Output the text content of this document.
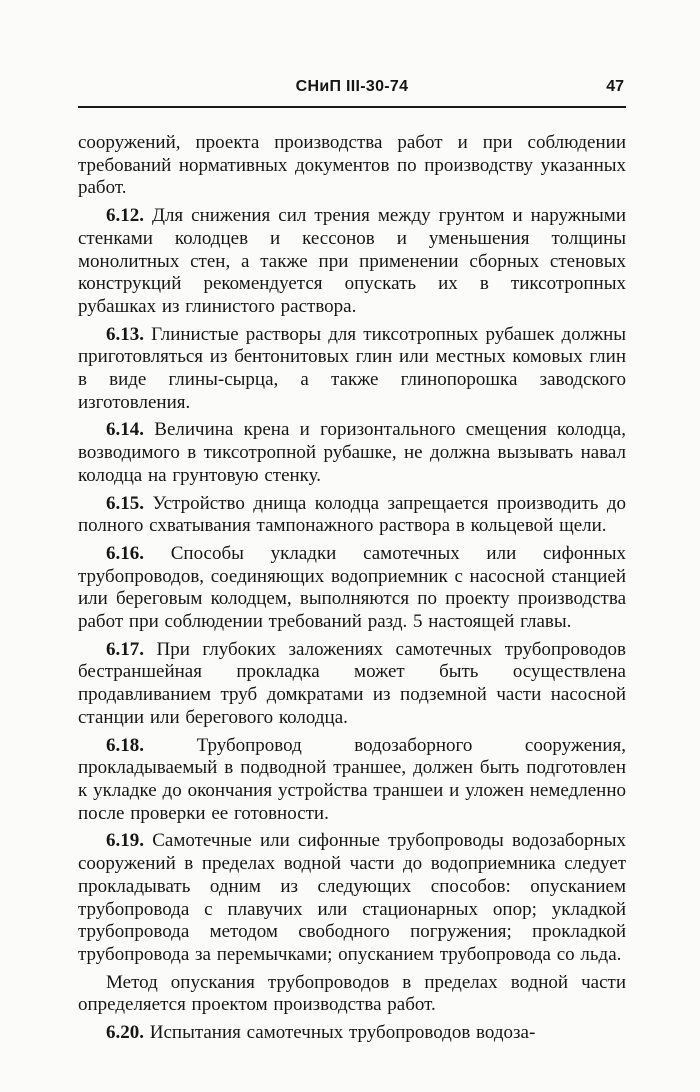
СНиП III-30-74	47

сооружений, проекта производства работ и при соблюдении требований нормативных документов по производству указанных работ.

6.12. Для снижения сил трения между грунтом и наружными стенками колодцев и кессонов и уменьшения толщины монолитных стен, а также при применении сборных стеновых конструкций рекомендуется опускать их в тиксотропных рубашках из глинистого раствора.

6.13. Глинистые растворы для тиксотропных рубашек должны приготовляться из бентонитовых глин или местных комовых глин в виде глины-сырца, а также глинопорошка заводского изготовления.

6.14. Величина крена и горизонтального смещения колодца, возводимого в тиксотропной рубашке, не должна вызывать навал колодца на грунтовую стенку.

6.15. Устройство днища колодца запрещается производить до полного схватывания тампонажного раствора в кольцевой щели.

6.16. Способы укладки самотечных или сифонных трубопроводов, соединяющих водоприемник с насосной станцией или береговым колодцем, выполняются по проекту производства работ при соблюдении требований разд. 5 настоящей главы.

6.17. При глубоких заложениях самотечных трубопроводов бестраншейная прокладка может быть осуществлена продавливанием труб домкратами из подземной части насосной станции или берегового колодца.

6.18.	Трубопровод водозаборного сооружения, прокладываемый в подводной траншее, должен быть подготовлен к укладке до окончания устройства траншеи и уложен немедленно после проверки ее готовности.

6.19. Самотечные или сифонные трубопроводы водозаборных сооружений в пределах водной части до водоприемника следует прокладывать одним из следующих способов: опусканием трубопровода с плавучих или стационарных опор; укладкой трубопровода методом свободного погружения; прокладкой трубопровода за перемычками; опусканием трубопровода со льда.

Метод опускания трубопроводов в пределах водной части определяется проектом производства работ.

6.20. Испытания самотечных трубопроводов водоза-
